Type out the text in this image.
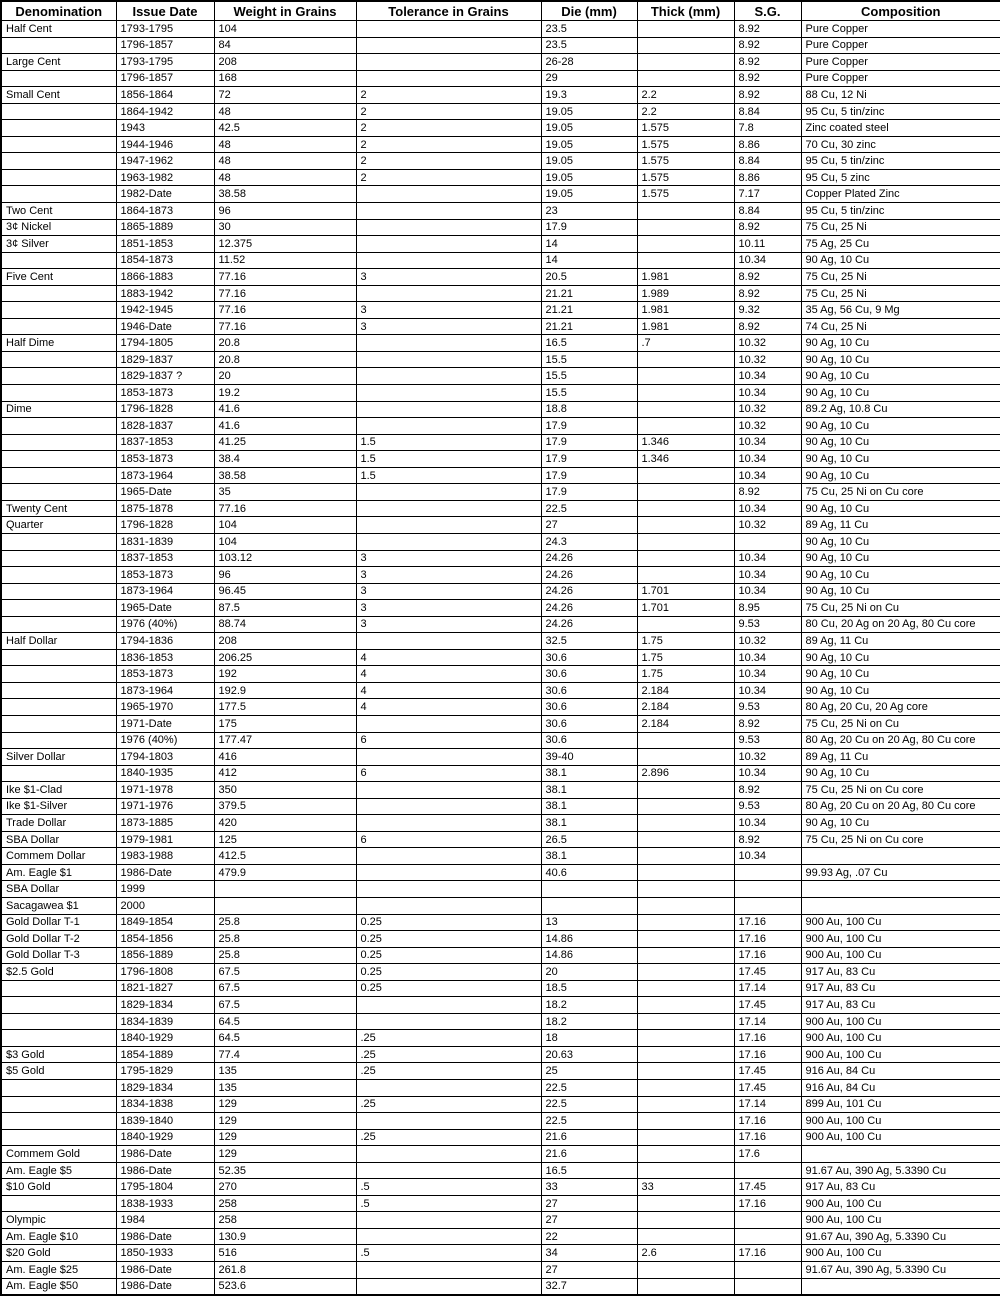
Denomination	Issue Date	Weight in Grains	Tolerance in Grains	Die (mm)	Thick (mm)	S.G.	Composition
Half Cent	1793-1795	104		23.5		8.92	Pure Copper
	1796-1857	84		23.5		8.92	Pure Copper
Large Cent	1793-1795	208		26-28		8.92	Pure Copper
	1796-1857	168		29		8.92	Pure Copper
Small Cent	1856-1864	72	2	19.3	2.2	8.92	88 Cu, 12 Ni
	1864-1942	48	2	19.05	2.2	8.84	95 Cu, 5 tin/zinc
	1943	42.5	2	19.05	1.575	7.8	Zinc coated steel
	1944-1946	48	2	19.05	1.575	8.86	70 Cu, 30 zinc
	1947-1962	48	2	19.05	1.575	8.84	95 Cu, 5 tin/zinc
	1963-1982	48	2	19.05	1.575	8.86	95 Cu, 5 zinc
	1982-Date	38.58		19.05	1.575	7.17	Copper Plated Zinc
Two Cent	1864-1873	96		23		8.84	95 Cu, 5 tin/zinc
3¢ Nickel	1865-1889	30		17.9		8.92	75 Cu, 25 Ni
3¢ Silver	1851-1853	12.375		14		10.11	75 Ag, 25 Cu
	1854-1873	11.52		14		10.34	90 Ag, 10 Cu
Five Cent	1866-1883	77.16	3	20.5	1.981	8.92	75 Cu, 25 Ni
	1883-1942	77.16		21.21	1.989	8.92	75 Cu, 25 Ni
	1942-1945	77.16	3	21.21	1.981	9.32	35 Ag, 56 Cu, 9 Mg
	1946-Date	77.16	3	21.21	1.981	8.92	74 Cu, 25 Ni
Half Dime	1794-1805	20.8		16.5	.7	10.32	90 Ag, 10 Cu
	1829-1837	20.8		15.5		10.32	90 Ag, 10 Cu
	1829-1837 ?	20		15.5		10.34	90 Ag, 10 Cu
	1853-1873	19.2		15.5		10.34	90 Ag, 10 Cu
Dime	1796-1828	41.6		18.8		10.32	89.2 Ag, 10.8 Cu
	1828-1837	41.6		17.9		10.32	90 Ag, 10 Cu
	1837-1853	41.25	1.5	17.9	1.346	10.34	90 Ag, 10 Cu
	1853-1873	38.4	1.5	17.9	1.346	10.34	90 Ag, 10 Cu
	1873-1964	38.58	1.5	17.9		10.34	90 Ag, 10 Cu
	1965-Date	35		17.9		8.92	75 Cu, 25 Ni on Cu core
Twenty Cent	1875-1878	77.16		22.5		10.34	90 Ag, 10 Cu
Quarter	1796-1828	104		27		10.32	89 Ag, 11 Cu
	1831-1839	104		24.3			90 Ag, 10 Cu
	1837-1853	103.12	3	24.26		10.34	90 Ag, 10 Cu
	1853-1873	96	3	24.26		10.34	90 Ag, 10 Cu
	1873-1964	96.45	3	24.26	1.701	10.34	90 Ag, 10 Cu
	1965-Date	87.5	3	24.26	1.701	8.95	75 Cu, 25 Ni on Cu
	1976 (40%)	88.74	3	24.26		9.53	80 Cu, 20 Ag on 20 Ag, 80 Cu core
Half Dollar	1794-1836	208		32.5	1.75	10.32	89 Ag, 11 Cu
	1836-1853	206.25	4	30.6	1.75	10.34	90 Ag, 10 Cu
	1853-1873	192	4	30.6	1.75	10.34	90 Ag, 10 Cu
	1873-1964	192.9	4	30.6	2.184	10.34	90 Ag, 10 Cu
	1965-1970	177.5	4	30.6	2.184	9.53	80 Ag, 20 Cu, 20 Ag core
	1971-Date	175		30.6	2.184	8.92	75 Cu, 25 Ni on Cu
	1976 (40%)	177.47	6	30.6		9.53	80 Ag, 20 Cu on 20 Ag, 80 Cu core
Silver Dollar	1794-1803	416		39-40		10.32	89 Ag, 11 Cu
	1840-1935	412	6	38.1	2.896	10.34	90 Ag, 10 Cu
Ike $1-Clad	1971-1978	350		38.1		8.92	75 Cu, 25 Ni on Cu core
Ike $1-Silver	1971-1976	379.5		38.1		9.53	80 Ag, 20 Cu on 20 Ag, 80 Cu core
Trade Dollar	1873-1885	420		38.1		10.34	90 Ag, 10 Cu
SBA Dollar	1979-1981	125	6	26.5		8.92	75 Cu, 25 Ni on Cu core
Commem Dollar	1983-1988	412.5		38.1		10.34	
Am. Eagle $1	1986-Date	479.9		40.6			99.93 Ag, .07 Cu
SBA Dollar	1999						
Sacagawea $1	2000						
Gold Dollar T-1	1849-1854	25.8	0.25	13		17.16	900 Au, 100 Cu
Gold Dollar T-2	1854-1856	25.8	0.25	14.86		17.16	900 Au, 100 Cu
Gold Dollar T-3	1856-1889	25.8	0.25	14.86		17.16	900 Au, 100 Cu
$2.5 Gold	1796-1808	67.5	0.25	20		17.45	917 Au, 83 Cu
	1821-1827	67.5	0.25	18.5		17.14	917 Au, 83 Cu
	1829-1834	67.5		18.2		17.45	917 Au, 83 Cu
	1834-1839	64.5		18.2		17.14	900 Au, 100 Cu
	1840-1929	64.5	.25	18		17.16	900 Au, 100 Cu
$3 Gold	1854-1889	77.4	.25	20.63		17.16	900 Au, 100 Cu
$5 Gold	1795-1829	135	.25	25		17.45	916 Au, 84 Cu
	1829-1834	135		22.5		17.45	916 Au, 84 Cu
	1834-1838	129	.25	22.5		17.14	899 Au, 101 Cu
	1839-1840	129		22.5		17.16	900 Au, 100 Cu
	1840-1929	129	.25	21.6		17.16	900 Au, 100 Cu
Commem Gold	1986-Date	129		21.6		17.6	
Am. Eagle $5	1986-Date	52.35		16.5			91.67 Au, 390 Ag, 5.3390 Cu
$10 Gold	1795-1804	270	.5	33	33	17.45	917 Au, 83 Cu
	1838-1933	258	.5	27		17.16	900 Au, 100 Cu
Olympic	1984	258		27			900 Au, 100 Cu
Am. Eagle $10	1986-Date	130.9		22			91.67 Au, 390 Ag, 5.3390 Cu
$20 Gold	1850-1933	516	.5	34	2.6	17.16	900 Au, 100 Cu
Am. Eagle $25	1986-Date	261.8		27			91.67 Au, 390 Ag, 5.3390 Cu
Am. Eagle $50	1986-Date	523.6		32.7			
